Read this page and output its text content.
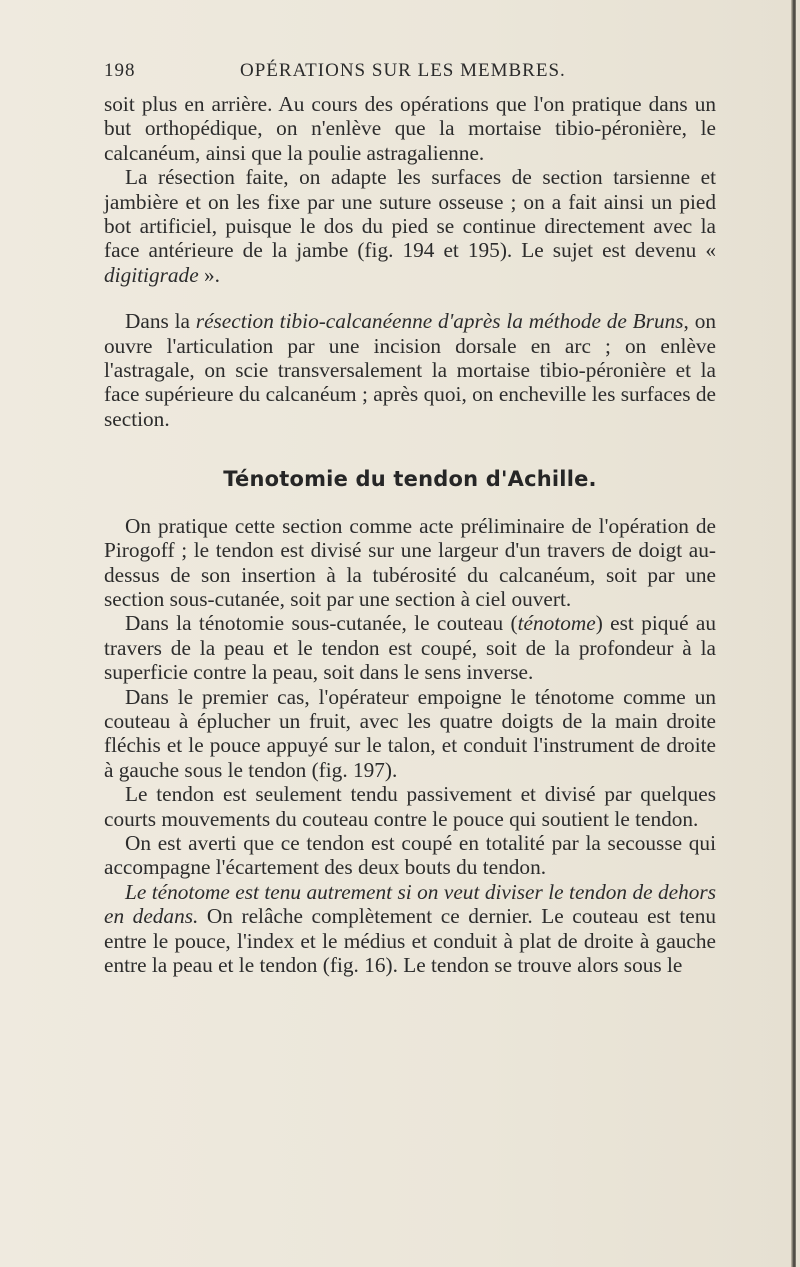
198	OPÉRATIONS SUR LES MEMBRES.

soit plus en arrière. Au cours des opérations que l'on pratique dans un but orthopédique, on n'enlève que la mortaise tibio-péronière, le calcanéum, ainsi que la poulie astragalienne.

La résection faite, on adapte les surfaces de section tarsienne et jambière et on les fixe par une suture osseuse ; on a fait ainsi un pied bot artificiel, puisque le dos du pied se continue directement avec la face antérieure de la jambe (fig. 194 et 195). Le sujet est devenu « digitigrade ».

Dans la résection tibio-calcanéenne d'après la méthode de Bruns, on ouvre l'articulation par une incision dorsale en arc ; on enlève l'astragale, on scie transversalement la mortaise tibio-péronière et la face supérieure du calcanéum ; après quoi, on encheville les surfaces de section.

Ténotomie du tendon d'Achille.

On pratique cette section comme acte préliminaire de l'opération de Pirogoff ; le tendon est divisé sur une largeur d'un travers de doigt au-dessus de son insertion à la tubérosité du calcanéum, soit par une section sous-cutanée, soit par une section à ciel ouvert.

Dans la ténotomie sous-cutanée, le couteau (ténotome) est piqué au travers de la peau et le tendon est coupé, soit de la profondeur à la superficie contre la peau, soit dans le sens inverse.

Dans le premier cas, l'opérateur empoigne le ténotome comme un couteau à éplucher un fruit, avec les quatre doigts de la main droite fléchis et le pouce appuyé sur le talon, et conduit l'instrument de droite à gauche sous le tendon (fig. 197).

Le tendon est seulement tendu passivement et divisé par quelques courts mouvements du couteau contre le pouce qui soutient le tendon.

On est averti que ce tendon est coupé en totalité par la secousse qui accompagne l'écartement des deux bouts du tendon.

Le ténotome est tenu autrement si on veut diviser le tendon de dehors en dedans. On relâche complètement ce dernier. Le couteau est tenu entre le pouce, l'index et le médius et conduit à plat de droite à gauche entre la peau et le tendon (fig. 16). Le tendon se trouve alors sous le
